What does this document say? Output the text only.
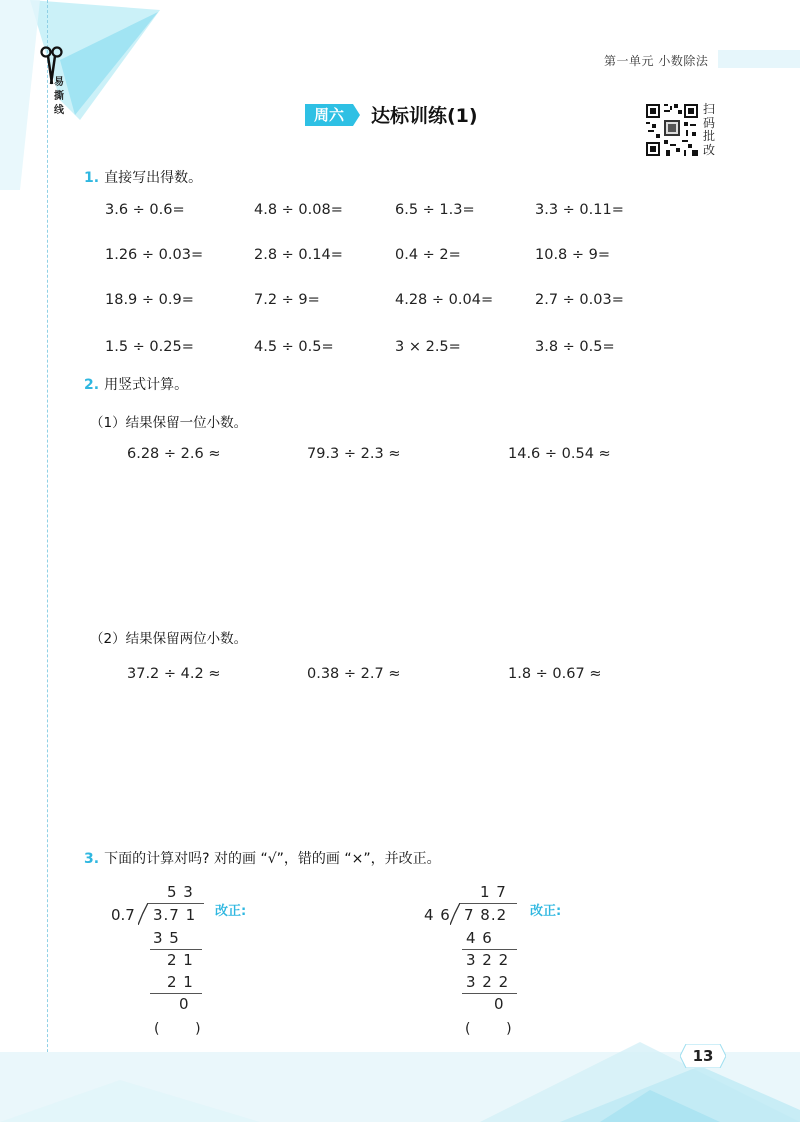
易撕线
第一单元 小数除法
周六	达标训练(1)	扫码批改
1. 直接写出得数。
3.6 ÷ 0.6=	4.8 ÷ 0.08=	6.5 ÷ 1.3=	3.3 ÷ 0.11=
1.26 ÷ 0.03=	2.8 ÷ 0.14=	0.4 ÷ 2=	10.8 ÷ 9=
18.9 ÷ 0.9=	7.2 ÷ 9=	4.28 ÷ 0.04=	2.7 ÷ 0.03=
1.5 ÷ 0.25=	4.5 ÷ 0.5=	3 × 2.5=	3.8 ÷ 0.5=
2. 用竖式计算。
（1）结果保留一位小数。
6.28 ÷ 2.6 ≈	79.3 ÷ 2.3 ≈	14.6 ÷ 0.54 ≈
（2）结果保留两位小数。
37.2 ÷ 4.2 ≈	0.38 ÷ 2.7 ≈	1.8 ÷ 0.67 ≈
3. 下面的计算对吗? 对的画 “√”，错的画 “×”，并改正。
5 3
0.7 3.7 1
3 5
2 1
2 1
0
(        )
改正:
1 7
4 6 7 8.2
4 6
3 2 2
3 2 2
0
(        )
改正:
13
